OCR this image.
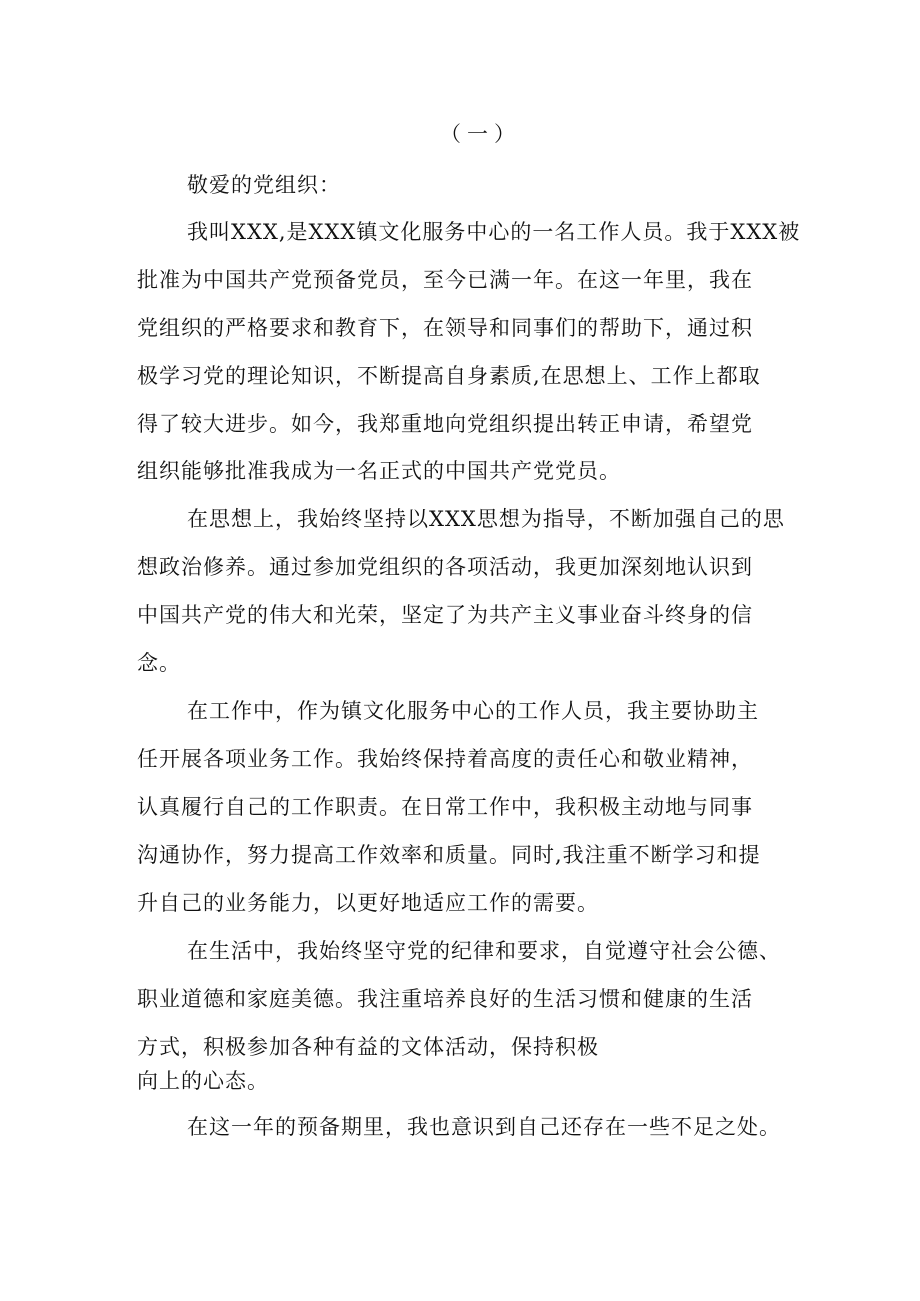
（一）
敬爱的党组织：
我叫XXX,是XXX镇文化服务中心的一名工作人员。我于XXX被
批准为中国共产党预备党员，至今已满一年。在这一年里，我在
党组织的严格要求和教育下，在领导和同事们的帮助下，通过积
极学习党的理论知识，不断提高自身素质,在思想上、工作上都取
得了较大进步。如今，我郑重地向党组织提出转正申请，希望党
组织能够批准我成为一名正式的中国共产党党员。
在思想上，我始终坚持以XXX思想为指导，不断加强自己的思
想政治修养。通过参加党组织的各项活动，我更加深刻地认识到
中国共产党的伟大和光荣，坚定了为共产主义事业奋斗终身的信
念。
在工作中，作为镇文化服务中心的工作人员，我主要协助主
任开展各项业务工作。我始终保持着高度的责任心和敬业精神，
认真履行自己的工作职责。在日常工作中，我积极主动地与同事
沟通协作，努力提高工作效率和质量。同时,我注重不断学习和提
升自己的业务能力，以更好地适应工作的需要。
在生活中，我始终坚守党的纪律和要求，自觉遵守社会公德、
职业道德和家庭美德。我注重培养良好的生活习惯和健康的生活
方式，积极参加各种有益的文体活动，保持积极
向上的心态。
在这一年的预备期里，我也意识到自己还存在一些不足之处。
